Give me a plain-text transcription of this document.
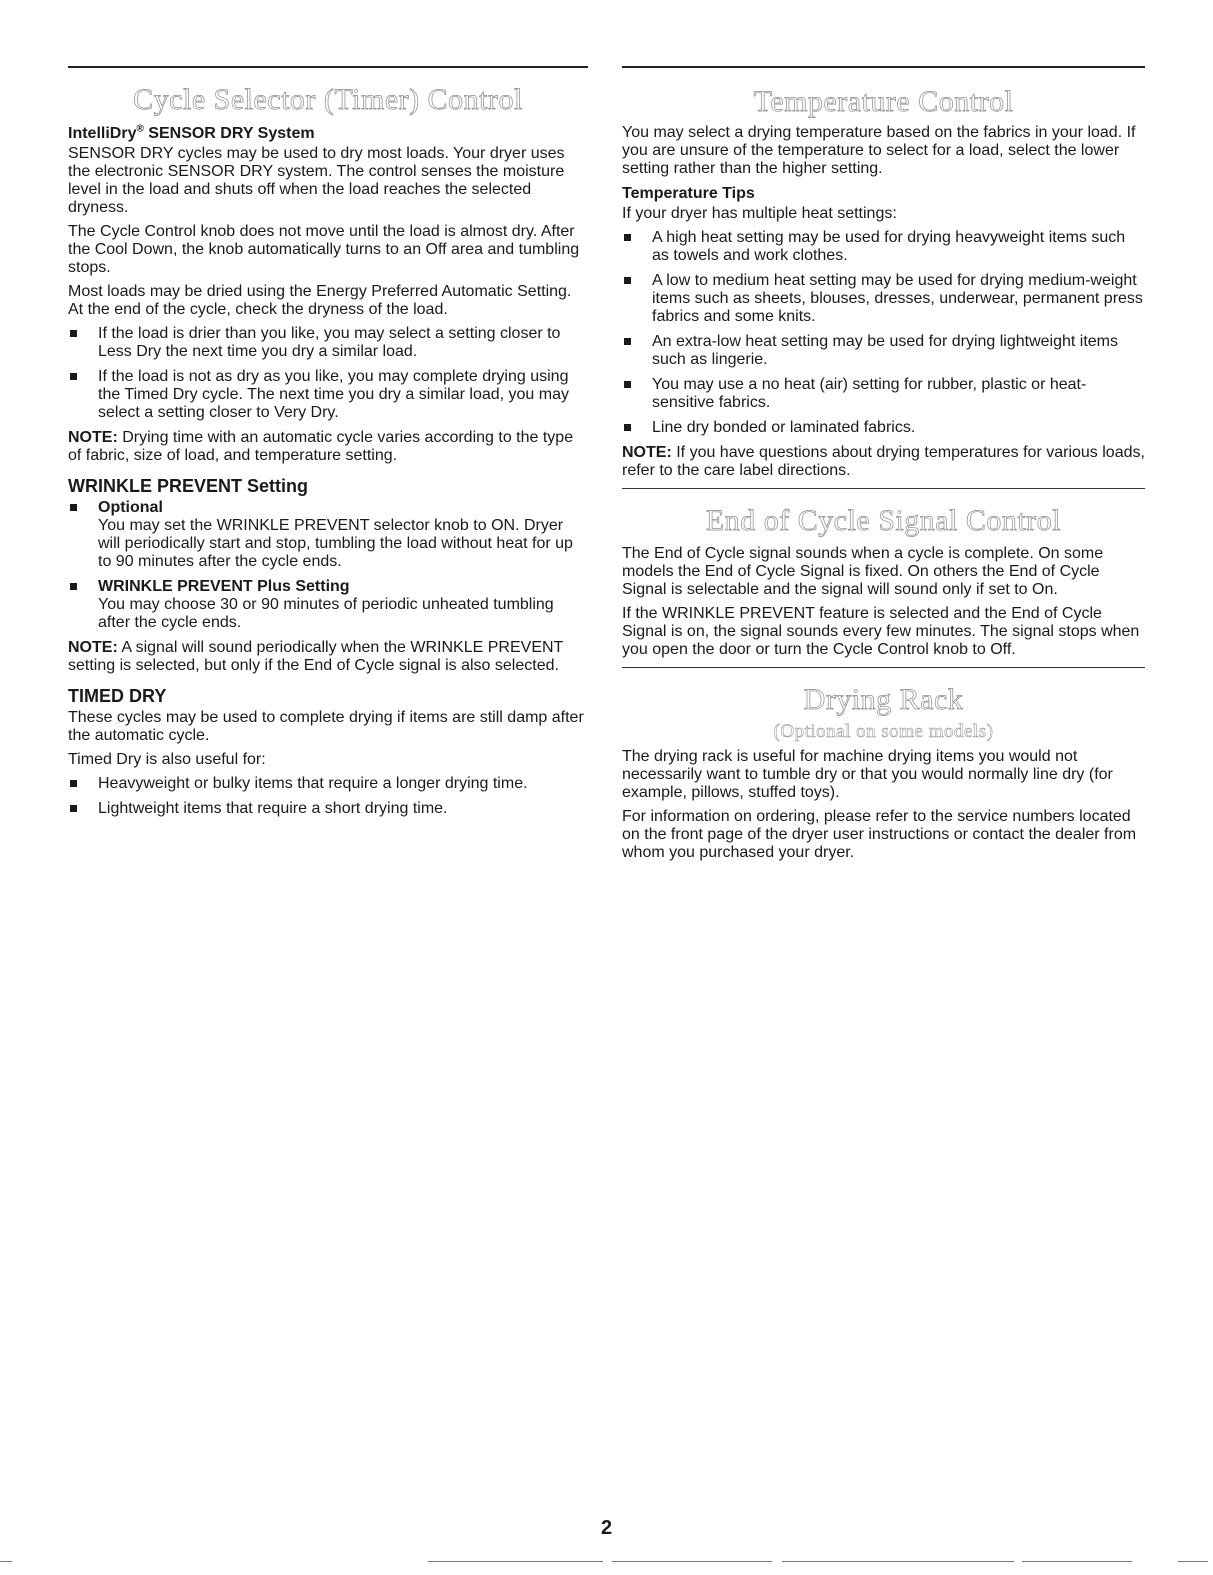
Cycle Selector (Timer) Control
IntelliDry® SENSOR DRY System

SENSOR DRY cycles may be used to dry most loads. Your dryer uses the electronic SENSOR DRY system. The control senses the moisture level in the load and shuts off when the load reaches the selected dryness.

The Cycle Control knob does not move until the load is almost dry. After the Cool Down, the knob automatically turns to an Off area and tumbling stops.

Most loads may be dried using the Energy Preferred Automatic Setting. At the end of the cycle, check the dryness of the load.

If the load is drier than you like, you may select a setting closer to Less Dry the next time you dry a similar load.
If the load is not as dry as you like, you may complete drying using the Timed Dry cycle. The next time you dry a similar load, you may select a setting closer to Very Dry.

NOTE: Drying time with an automatic cycle varies according to the type of fabric, size of load, and temperature setting.

WRINKLE PREVENT Setting
Optional
You may set the WRINKLE PREVENT selector knob to ON. Dryer will periodically start and stop, tumbling the load without heat for up to 90 minutes after the cycle ends.
WRINKLE PREVENT Plus Setting
You may choose 30 or 90 minutes of periodic unheated tumbling after the cycle ends.

NOTE: A signal will sound periodically when the WRINKLE PREVENT setting is selected, but only if the End of Cycle signal is also selected.

TIMED DRY

These cycles may be used to complete drying if items are still damp after the automatic cycle.

Timed Dry is also useful for:

Heavyweight or bulky items that require a longer drying time.
Lightweight items that require a short drying time.
Temperature Control

You may select a drying temperature based on the fabrics in your load. If you are unsure of the temperature to select for a load, select the lower setting rather than the higher setting.

Temperature Tips

If your dryer has multiple heat settings:

A high heat setting may be used for drying heavyweight items such as towels and work clothes.
A low to medium heat setting may be used for drying medium-weight items such as sheets, blouses, dresses, underwear, permanent press fabrics and some knits.
An extra-low heat setting may be used for drying lightweight items such as lingerie.
You may use a no heat (air) setting for rubber, plastic or heat-sensitive fabrics.
Line dry bonded or laminated fabrics.

NOTE: If you have questions about drying temperatures for various loads, refer to the care label directions.

End of Cycle Signal Control

The End of Cycle signal sounds when a cycle is complete. On some models the End of Cycle Signal is fixed. On others the End of Cycle Signal is selectable and the signal will sound only if set to On.

If the WRINKLE PREVENT feature is selected and the End of Cycle Signal is on, the signal sounds every few minutes. The signal stops when you open the door or turn the Cycle Control knob to Off.

Drying Rack
(Optional on some models)

The drying rack is useful for machine drying items you would not necessarily want to tumble dry or that you would normally line dry (for example, pillows, stuffed toys).

For information on ordering, please refer to the service numbers located on the front page of the dryer user instructions or contact the dealer from whom you purchased your dryer.

2
